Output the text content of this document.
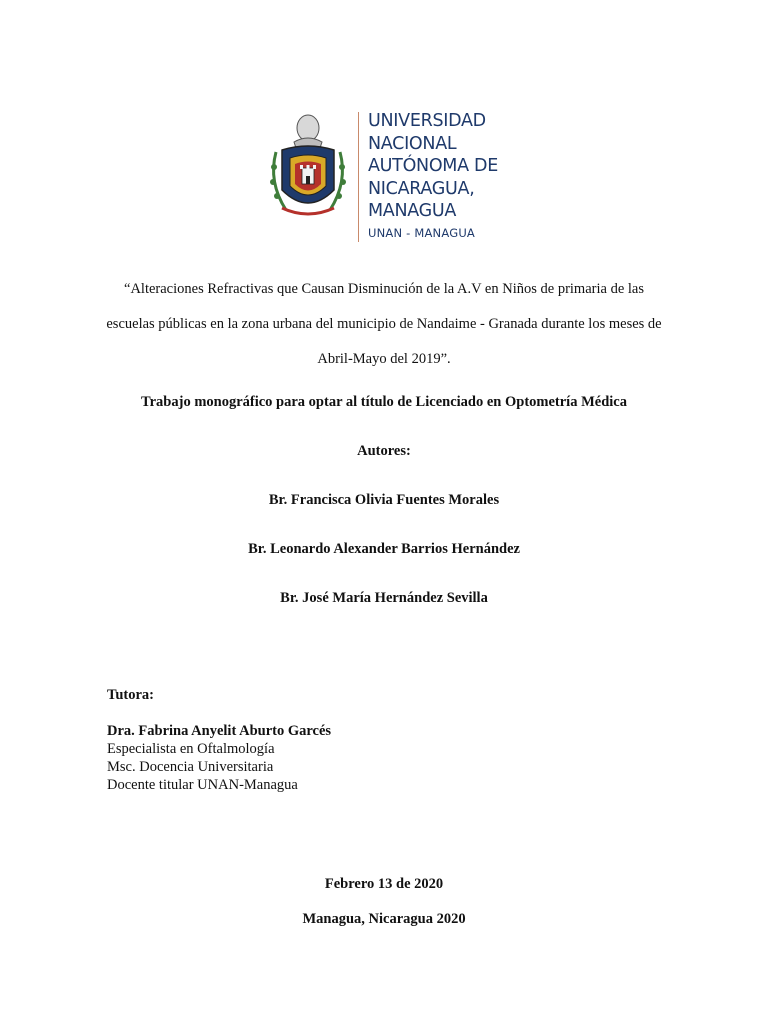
UNIVERSIDAD
NACIONAL
AUTÓNOMA DE
NICARAGUA,
MANAGUA
UNAN - MANAGUA
“Alteraciones Refractivas que Causan Disminución de la A.V en Niños de primaria de las
escuelas públicas en la zona urbana del municipio de Nandaime - Granada durante los meses de
Abril-Mayo del 2019”.
Trabajo monográfico para optar al título de Licenciado en Optometría Médica
Autores:
Br. Francisca Olivia Fuentes Morales
Br. Leonardo Alexander Barrios Hernández
Br. José María Hernández Sevilla
Tutora:
Dra. Fabrina Anyelit Aburto Garcés
Especialista en Oftalmología
Msc. Docencia Universitaria
Docente titular UNAN-Managua
Febrero 13 de 2020
Managua, Nicaragua 2020
